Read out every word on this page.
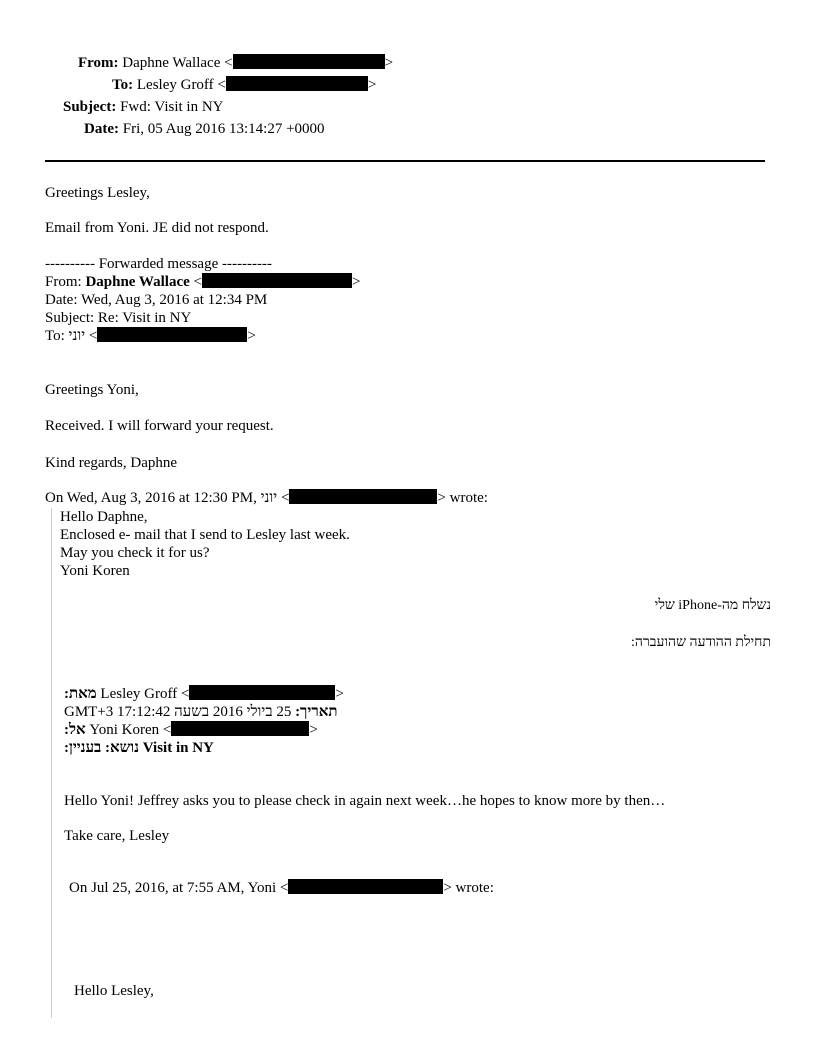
From: Daphne Wallace <	>
To: Lesley Groff <	>
Subject: Fwd: Visit in NY
Date: Fri, 05 Aug 2016 13:14:27 +0000
Greetings Lesley,
Email from Yoni. JE did not respond.
---------- Forwarded message ----------
From: Daphne Wallace <	>
Date: Wed, Aug 3, 2016 at 12:34 PM
Subject: Re: Visit in NY
To: יוני <	>
Greetings Yoni,
Received. I will forward your request.
Kind regards, Daphne
On Wed, Aug 3, 2016 at 12:30 PM, יוני <	> wrote:
Hello Daphne,
Enclosed e- mail that I send to Lesley last week.
May you check it for us?
Yoni Koren
נשלח מה-iPhone שלי
תחילת ההודעה שהועברה:
מאת: Lesley Groff <	>
תאריך: 25 ביולי 2016 בשעה 17:12:42 GMT+3
אל: Yoni Koren <	>
נושא: בעניין: Visit in NY
Hello Yoni! Jeffrey asks you to please check in again next week…he hopes to know more by then…
Take care, Lesley
On Jul 25, 2016, at 7:55 AM, Yoni <	> wrote:
Hello Lesley,
